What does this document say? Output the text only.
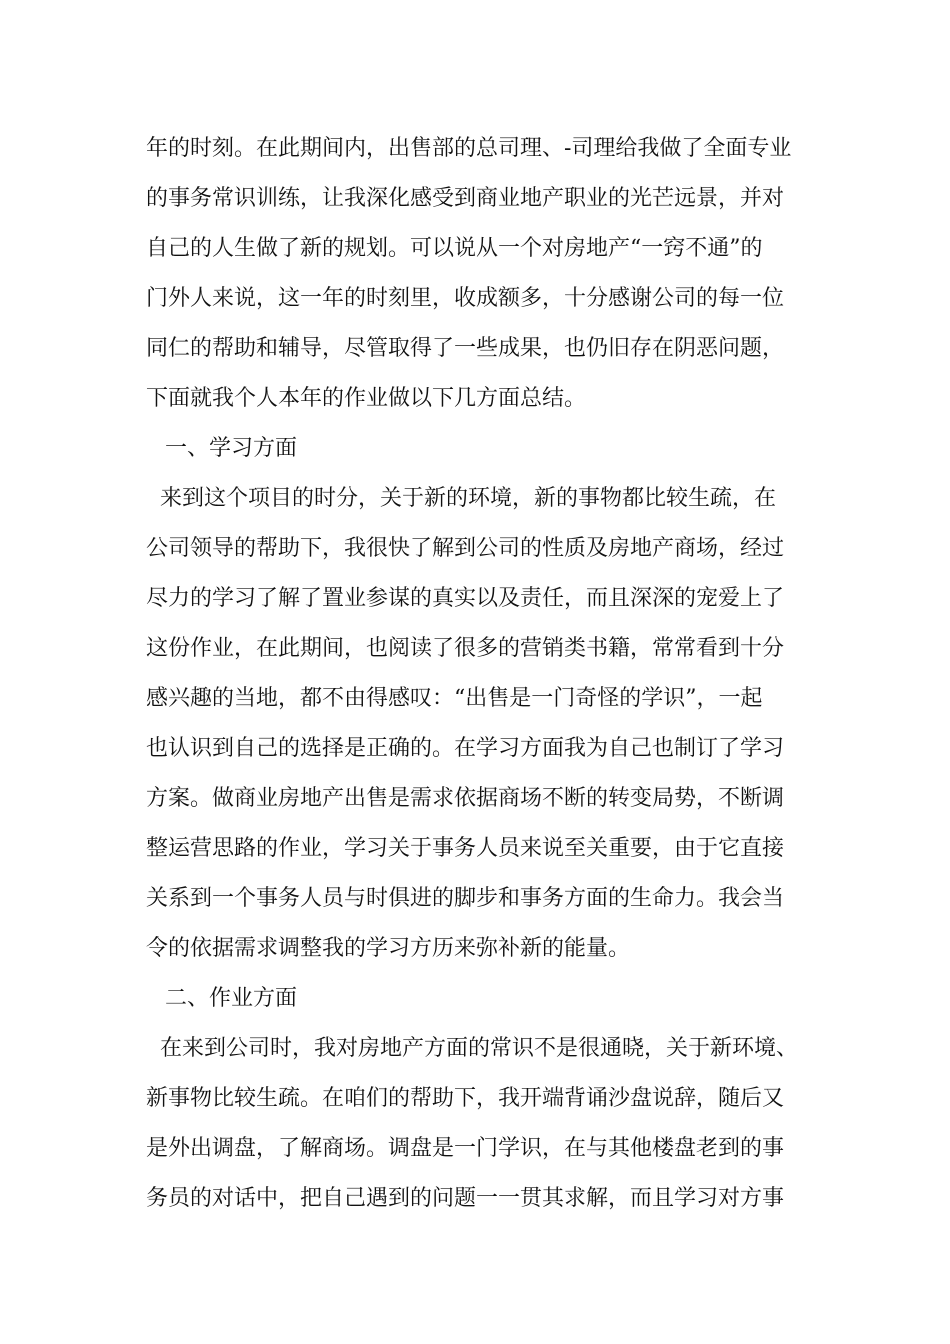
年的时刻。在此期间内，出售部的总司理、-司理给我做了全面专业

的事务常识训练，让我深化感受到商业地产职业的光芒远景，并对

自己的人生做了新的规划。可以说从一个对房地产“一窍不通”的

门外人来说，这一年的时刻里，收成额多，十分感谢公司的每一位

同仁的帮助和辅导，尽管取得了一些成果，也仍旧存在阴恶问题，

下面就我个人本年的作业做以下几方面总结。

一、学习方面

来到这个项目的时分，关于新的环境，新的事物都比较生疏，在

公司领导的帮助下，我很快了解到公司的性质及房地产商场，经过

尽力的学习了解了置业参谋的真实以及责任，而且深深的宠爱上了

这份作业，在此期间，也阅读了很多的营销类书籍，常常看到十分

感兴趣的当地，都不由得感叹：“出售是一门奇怪的学识”，一起

也认识到自己的选择是正确的。在学习方面我为自己也制订了学习

方案。做商业房地产出售是需求依据商场不断的转变局势，不断调

整运营思路的作业，学习关于事务人员来说至关重要，由于它直接

关系到一个事务人员与时俱进的脚步和事务方面的生命力。我会当

令的依据需求调整我的学习方历来弥补新的能量。

二、作业方面

在来到公司时，我对房地产方面的常识不是很通晓，关于新环境、

新事物比较生疏。在咱们的帮助下，我开端背诵沙盘说辞，随后又

是外出调盘，了解商场。调盘是一门学识，在与其他楼盘老到的事

务员的对话中，把自己遇到的问题一一贯其求解，而且学习对方事
